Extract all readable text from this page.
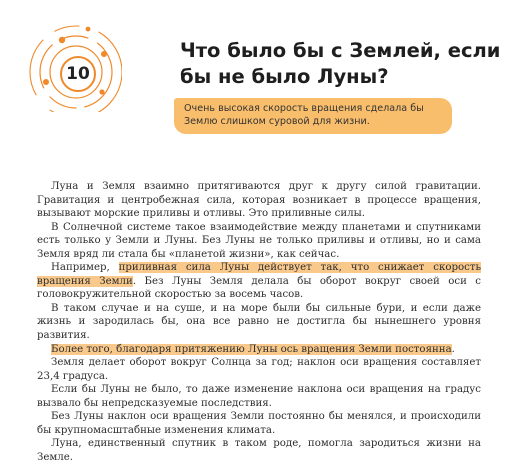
10
Что было бы с Землей, если бы не было Луны?
Очень высокая скорость вращения сделала бы Землю слишком суровой для жизни.

Луна и Земля взаимно притягиваются друг к другу силой гравитации. Гравитация и центробежная сила, которая возникает в процессе вращения, вызывают морские приливы и отливы. Это приливные силы.

В Солнечной системе такое взаимодействие между планетами и спутниками есть только у Земли и Луны. Без Луны не только приливы и отливы, но и сама Земля вряд ли стала бы «планетой жизни», как сейчас.

Например, приливная сила Луны действует так, что снижает скорость вращения Земли. Без Луны Земля делала бы оборот вокруг своей оси с головокружительной скоростью за восемь часов.

В таком случае и на суше, и на море были бы сильные бури, и если даже жизнь и зародилась бы, она все равно не достигла бы нынешнего уровня развития.

Более того, благодаря притяжению Луны ось вращения Земли постоянна.

Земля делает оборот вокруг Солнца за год; наклон оси вращения составляет 23,4 градуса.

Если бы Луны не было, то даже изменение наклона оси вращения на градус вызвало бы непредсказуемые последствия.

Без Луны наклон оси вращения Земли постоянно бы менялся, и происходили бы крупномасштабные изменения климата.

Луна, единственный спутник в таком роде, помогла зародиться жизни на Земле.
